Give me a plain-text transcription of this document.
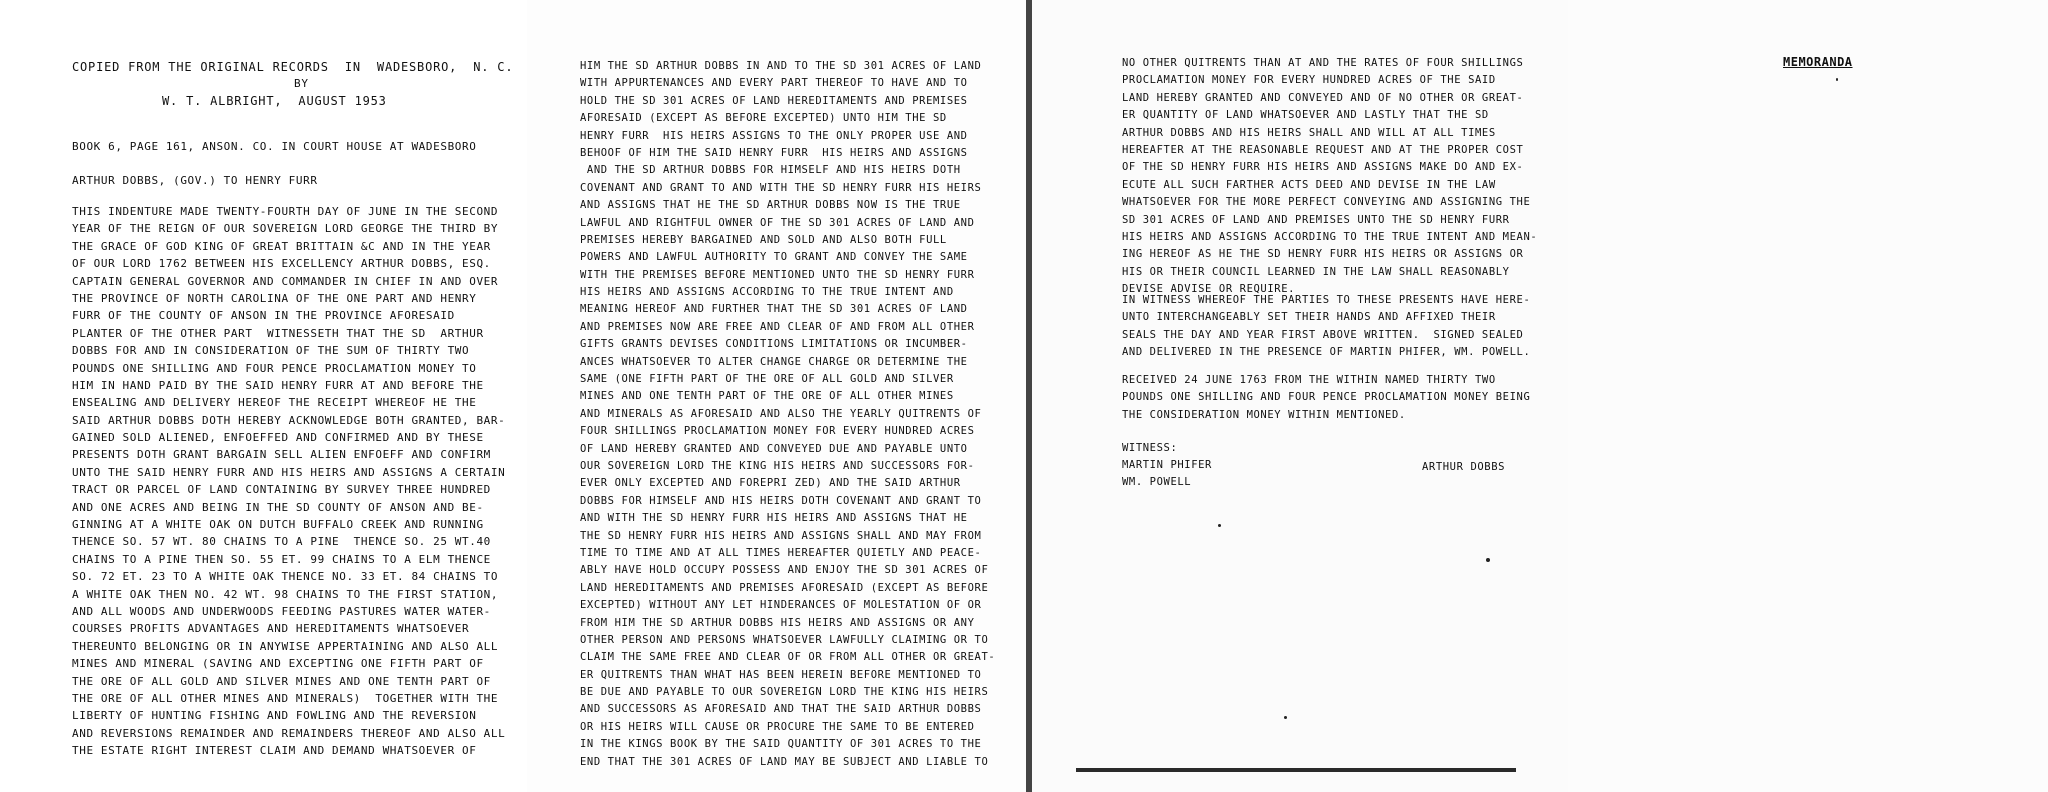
COPIED FROM THE ORIGINAL RECORDS  IN  WADESBORO,  N. C.
BY
W. T. ALBRIGHT,  AUGUST 1953
BOOK 6, PAGE 161, ANSON. CO. IN COURT HOUSE AT WADESBORO
ARTHUR DOBBS, (GOV.) TO HENRY FURR
THIS INDENTURE MADE TWENTY-FOURTH DAY OF JUNE IN THE SECOND
YEAR OF THE REIGN OF OUR SOVEREIGN LORD GEORGE THE THIRD BY
THE GRACE OF GOD KING OF GREAT BRITTAIN &C AND IN THE YEAR
OF OUR LORD 1762 BETWEEN HIS EXCELLENCY ARTHUR DOBBS, ESQ.
CAPTAIN GENERAL GOVERNOR AND COMMANDER IN CHIEF IN AND OVER
THE PROVINCE OF NORTH CAROLINA OF THE ONE PART AND HENRY
FURR OF THE COUNTY OF ANSON IN THE PROVINCE AFORESAID
PLANTER OF THE OTHER PART  WITNESSETH THAT THE SD  ARTHUR
DOBBS FOR AND IN CONSIDERATION OF THE SUM OF THIRTY TWO
POUNDS ONE SHILLING AND FOUR PENCE PROCLAMATION MONEY TO
HIM IN HAND PAID BY THE SAID HENRY FURR AT AND BEFORE THE
ENSEALING AND DELIVERY HEREOF THE RECEIPT WHEREOF HE THE
SAID ARTHUR DOBBS DOTH HEREBY ACKNOWLEDGE BOTH GRANTED, BAR-
GAINED SOLD ALIENED, ENFOEFFED AND CONFIRMED AND BY THESE
PRESENTS DOTH GRANT BARGAIN SELL ALIEN ENFOEFF AND CONFIRM
UNTO THE SAID HENRY FURR AND HIS HEIRS AND ASSIGNS A CERTAIN
TRACT OR PARCEL OF LAND CONTAINING BY SURVEY THREE HUNDRED
AND ONE ACRES AND BEING IN THE SD COUNTY OF ANSON AND BE-
GINNING AT A WHITE OAK ON DUTCH BUFFALO CREEK AND RUNNING
THENCE SO. 57 WT. 80 CHAINS TO A PINE  THENCE SO. 25 WT.40
CHAINS TO A PINE THEN SO. 55 ET. 99 CHAINS TO A ELM THENCE
SO. 72 ET. 23 TO A WHITE OAK THENCE NO. 33 ET. 84 CHAINS TO
A WHITE OAK THEN NO. 42 WT. 98 CHAINS TO THE FIRST STATION,
AND ALL WOODS AND UNDERWOODS FEEDING PASTURES WATER WATER-
COURSES PROFITS ADVANTAGES AND HEREDITAMENTS WHATSOEVER
THEREUNTO BELONGING OR IN ANYWISE APPERTAINING AND ALSO ALL
MINES AND MINERAL (SAVING AND EXCEPTING ONE FIFTH PART OF
THE ORE OF ALL GOLD AND SILVER MINES AND ONE TENTH PART OF
THE ORE OF ALL OTHER MINES AND MINERALS)  TOGETHER WITH THE
LIBERTY OF HUNTING FISHING AND FOWLING AND THE REVERSION
AND REVERSIONS REMAINDER AND REMAINDERS THEREOF AND ALSO ALL
THE ESTATE RIGHT INTEREST CLAIM AND DEMAND WHATSOEVER OF
HIM THE SD ARTHUR DOBBS IN AND TO THE SD 301 ACRES OF LAND
WITH APPURTENANCES AND EVERY PART THEREOF TO HAVE AND TO
HOLD THE SD 301 ACRES OF LAND HEREDITAMENTS AND PREMISES
AFORESAID (EXCEPT AS BEFORE EXCEPTED) UNTO HIM THE SD
HENRY FURR  HIS HEIRS ASSIGNS TO THE ONLY PROPER USE AND
BEHOOF OF HIM THE SAID HENRY FURR  HIS HEIRS AND ASSIGNS
AND THE SD ARTHUR DOBBS FOR HIMSELF AND HIS HEIRS DOTH
COVENANT AND GRANT TO AND WITH THE SD HENRY FURR HIS HEIRS
AND ASSIGNS THAT HE THE SD ARTHUR DOBBS NOW IS THE TRUE
LAWFUL AND RIGHTFUL OWNER OF THE SD 301 ACRES OF LAND AND
PREMISES HEREBY BARGAINED AND SOLD AND ALSO BOTH FULL
POWERS AND LAWFUL AUTHORITY TO GRANT AND CONVEY THE SAME
WITH THE PREMISES BEFORE MENTIONED UNTO THE SD HENRY FURR
HIS HEIRS AND ASSIGNS ACCORDING TO THE TRUE INTENT AND
MEANING HEREOF AND FURTHER THAT THE SD 301 ACRES OF LAND
AND PREMISES NOW ARE FREE AND CLEAR OF AND FROM ALL OTHER
GIFTS GRANTS DEVISES CONDITIONS LIMITATIONS OR INCUMBER-
ANCES WHATSOEVER TO ALTER CHANGE CHARGE OR DETERMINE THE
SAME (ONE FIFTH PART OF THE ORE OF ALL GOLD AND SILVER
MINES AND ONE TENTH PART OF THE ORE OF ALL OTHER MINES
AND MINERALS AS AFORESAID AND ALSO THE YEARLY QUITRENTS OF
FOUR SHILLINGS PROCLAMATION MONEY FOR EVERY HUNDRED ACRES
OF LAND HEREBY GRANTED AND CONVEYED DUE AND PAYABLE UNTO
OUR SOVEREIGN LORD THE KING HIS HEIRS AND SUCCESSORS FOR-
EVER ONLY EXCEPTED AND FOREPRI ZED) AND THE SAID ARTHUR
DOBBS FOR HIMSELF AND HIS HEIRS DOTH COVENANT AND GRANT TO
AND WITH THE SD HENRY FURR HIS HEIRS AND ASSIGNS THAT HE
THE SD HENRY FURR HIS HEIRS AND ASSIGNS SHALL AND MAY FROM
TIME TO TIME AND AT ALL TIMES HEREAFTER QUIETLY AND PEACE-
ABLY HAVE HOLD OCCUPY POSSESS AND ENJOY THE SD 301 ACRES OF
LAND HEREDITAMENTS AND PREMISES AFORESAID (EXCEPT AS BEFORE
EXCEPTED) WITHOUT ANY LET HINDERANCES OF MOLESTATION OF OR
FROM HIM THE SD ARTHUR DOBBS HIS HEIRS AND ASSIGNS OR ANY
OTHER PERSON AND PERSONS WHATSOEVER LAWFULLY CLAIMING OR TO
CLAIM THE SAME FREE AND CLEAR OF OR FROM ALL OTHER OR GREAT-
ER QUITRENTS THAN WHAT HAS BEEN HEREIN BEFORE MENTIONED TO
BE DUE AND PAYABLE TO OUR SOVEREIGN LORD THE KING HIS HEIRS
AND SUCCESSORS AS AFORESAID AND THAT THE SAID ARTHUR DOBBS
OR HIS HEIRS WILL CAUSE OR PROCURE THE SAME TO BE ENTERED
IN THE KINGS BOOK BY THE SAID QUANTITY OF 301 ACRES TO THE
END THAT THE 301 ACRES OF LAND MAY BE SUBJECT AND LIABLE TO
NO OTHER QUITRENTS THAN AT AND THE RATES OF FOUR SHILLINGS
PROCLAMATION MONEY FOR EVERY HUNDRED ACRES OF THE SAID
LAND HEREBY GRANTED AND CONVEYED AND OF NO OTHER OR GREAT-
ER QUANTITY OF LAND WHATSOEVER AND LASTLY THAT THE SD
ARTHUR DOBBS AND HIS HEIRS SHALL AND WILL AT ALL TIMES
HEREAFTER AT THE REASONABLE REQUEST AND AT THE PROPER COST
OF THE SD HENRY FURR HIS HEIRS AND ASSIGNS MAKE DO AND EX-
ECUTE ALL SUCH FARTHER ACTS DEED AND DEVISE IN THE LAW
WHATSOEVER FOR THE MORE PERFECT CONVEYING AND ASSIGNING THE
SD 301 ACRES OF LAND AND PREMISES UNTO THE SD HENRY FURR
HIS HEIRS AND ASSIGNS ACCORDING TO THE TRUE INTENT AND MEAN-
ING HEREOF AS HE THE SD HENRY FURR HIS HEIRS OR ASSIGNS OR
HIS OR THEIR COUNCIL LEARNED IN THE LAW SHALL REASONABLY
DEVISE ADVISE OR REQUIRE.
IN WITNESS WHEREOF THE PARTIES TO THESE PRESENTS HAVE HERE-
UNTO INTERCHANGEABLY SET THEIR HANDS AND AFFIXED THEIR
SEALS THE DAY AND YEAR FIRST ABOVE WRITTEN.  SIGNED SEALED
AND DELIVERED IN THE PRESENCE OF MARTIN PHIFER, WM. POWELL.
RECEIVED 24 JUNE 1763 FROM THE WITHIN NAMED THIRTY TWO
POUNDS ONE SHILLING AND FOUR PENCE PROCLAMATION MONEY BEING
THE CONSIDERATION MONEY WITHIN MENTIONED.
WITNESS:
MARTIN PHIFER
WM. POWELL
ARTHUR DOBBS
MEMORANDA
